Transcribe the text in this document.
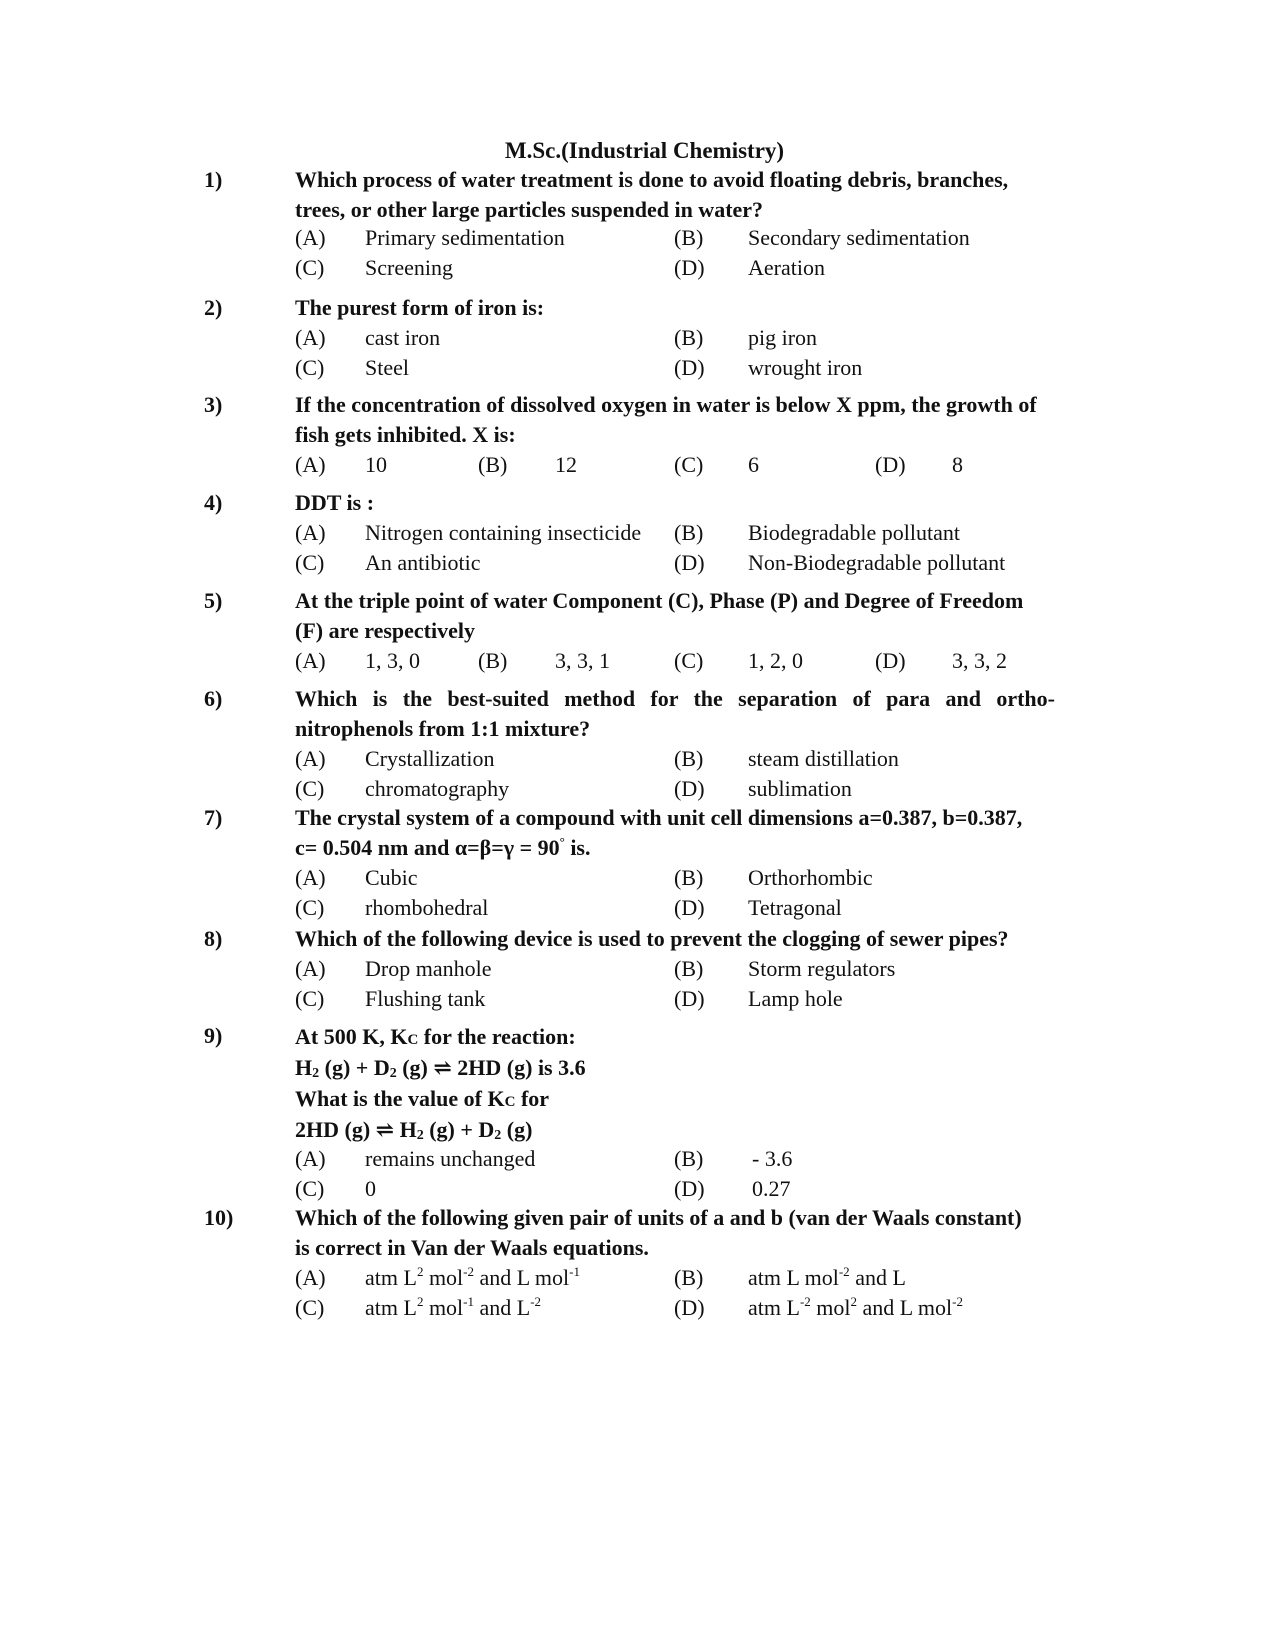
M.Sc.(Industrial Chemistry)
1)	Which process of water treatment is done to avoid floating debris, branches,
trees, or other large particles suspended in water?
(A) Primary sedimentation	(B) Secondary sedimentation
(C) Screening	(D) Aeration
2)	The purest form of iron is:
(A) cast iron	(B) pig iron
(C) Steel	(D) wrought iron
3)	If the concentration of dissolved oxygen in water is below X ppm, the growth of
fish gets inhibited. X is:
(A) 10	(B) 12	(C) 6	(D) 8
4)	DDT is :
(A) Nitrogen containing insecticide (B) Biodegradable pollutant
(C) An antibiotic	(D) Non-Biodegradable pollutant
5)	At the triple point of water Component (C), Phase (P) and Degree of Freedom
(F) are respectively
(A) 1, 3, 0	(B) 3, 3, 1	(C) 1, 2, 0	(D) 3, 3, 2
6)	Which is the best-suited method for the separation of para and ortho-
nitrophenols from 1:1 mixture?
(A) Crystallization	(B) steam distillation
(C) chromatography	(D) sublimation
7)	The crystal system of a compound with unit cell dimensions a=0.387, b=0.387,
c= 0.504 nm and α=β=γ = 90° is.
(A) Cubic	(B) Orthorhombic
(C) rhombohedral	(D) Tetragonal
8)	Which of the following device is used to prevent the clogging of sewer pipes?
(A) Drop manhole	(B) Storm regulators
(C) Flushing tank	(D) Lamp hole
9)	At 500 K, KC for the reaction:
$H_2$ $(g) + D_2$ (g) ⇌ 2HD (g) is 3.6
What is the value of KC for
2HD (g) ⇌ $H_2$ $(g) + D_2$ (g)
(A) remains unchanged	(B) - 3.6
(C) 0	(D) 0.27
10)	Which of the following given pair of units of a and b (van der Waals constant)
is correct in Van der Waals equations.
(A) atm $L^2$ mol$^{-2}$ and L mol$^{-1}$	(B) atm L mol$^{-2}$ and L
(C) atm $L^2$ mol$^{-1}$ and $L^{-2}$	(D) atm $L^{-2}$ mol$^2$ and L mol$^{-2}$
